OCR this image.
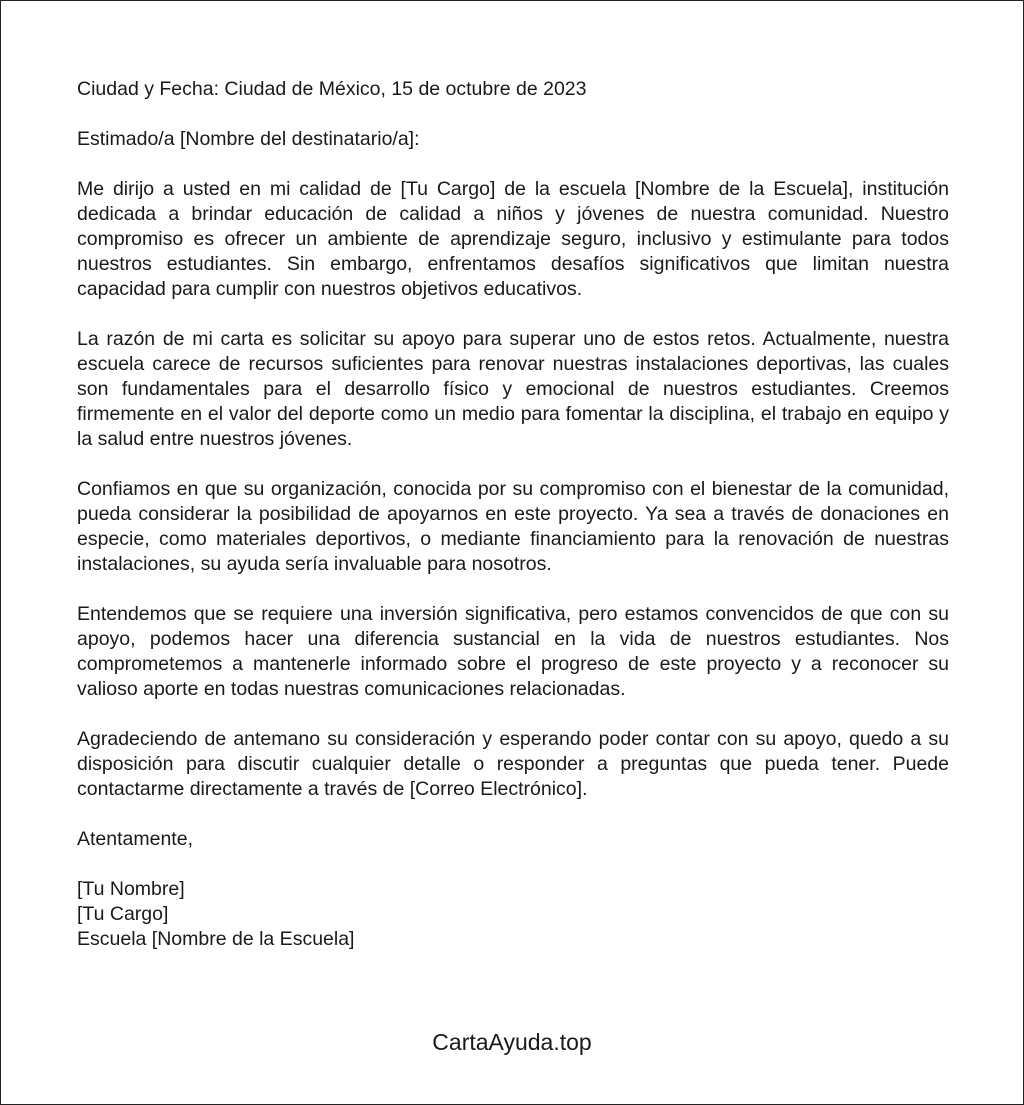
Ciudad y Fecha: Ciudad de México, 15 de octubre de 2023

Estimado/a [Nombre del destinatario/a]:

Me dirijo a usted en mi calidad de [Tu Cargo] de la escuela [Nombre de la Escuela], institución dedicada a brindar educación de calidad a niños y jóvenes de nuestra comunidad. Nuestro compromiso es ofrecer un ambiente de aprendizaje seguro, inclusivo y estimulante para todos nuestros estudiantes. Sin embargo, enfrentamos desafíos significativos que limitan nuestra capacidad para cumplir con nuestros objetivos educativos.

La razón de mi carta es solicitar su apoyo para superar uno de estos retos. Actualmente, nuestra escuela carece de recursos suficientes para renovar nuestras instalaciones deportivas, las cuales son fundamentales para el desarrollo físico y emocional de nuestros estudiantes. Creemos firmemente en el valor del deporte como un medio para fomentar la disciplina, el trabajo en equipo y la salud entre nuestros jóvenes.

Confiamos en que su organización, conocida por su compromiso con el bienestar de la comunidad, pueda considerar la posibilidad de apoyarnos en este proyecto. Ya sea a través de donaciones en especie, como materiales deportivos, o mediante financiamiento para la renovación de nuestras instalaciones, su ayuda sería invaluable para nosotros.

Entendemos que se requiere una inversión significativa, pero estamos convencidos de que con su apoyo, podemos hacer una diferencia sustancial en la vida de nuestros estudiantes. Nos comprometemos a mantenerle informado sobre el progreso de este proyecto y a reconocer su valioso aporte en todas nuestras comunicaciones relacionadas.

Agradeciendo de antemano su consideración y esperando poder contar con su apoyo, quedo a su disposición para discutir cualquier detalle o responder a preguntas que pueda tener. Puede contactarme directamente a través de [Correo Electrónico].

Atentamente,

[Tu Nombre]
[Tu Cargo]
Escuela [Nombre de la Escuela]
CartaAyuda.top
